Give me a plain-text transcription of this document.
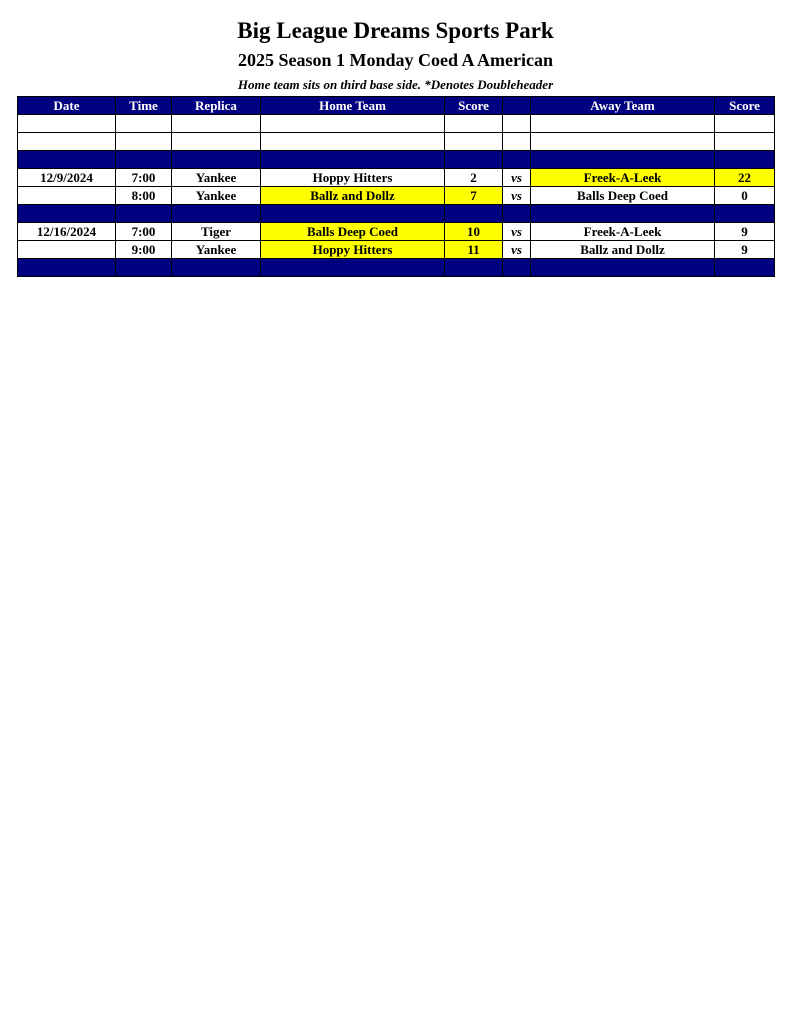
Big League Dreams Sports Park
2025 Season 1 Monday Coed A American
Home team sits on third base side. *Denotes Doubleheader
Date	Time	Replica	Home Team	Score		Away Team	Score

12/9/2024	7:00	Yankee	Hoppy Hitters	2	vs	Freek-A-Leek	22
	8:00	Yankee	Ballz and Dollz	7	vs	Balls Deep Coed	0

12/16/2024	7:00	Tiger	Balls Deep Coed	10	vs	Freek-A-Leek	9
	9:00	Yankee	Hoppy Hitters	11	vs	Ballz and Dollz	9
